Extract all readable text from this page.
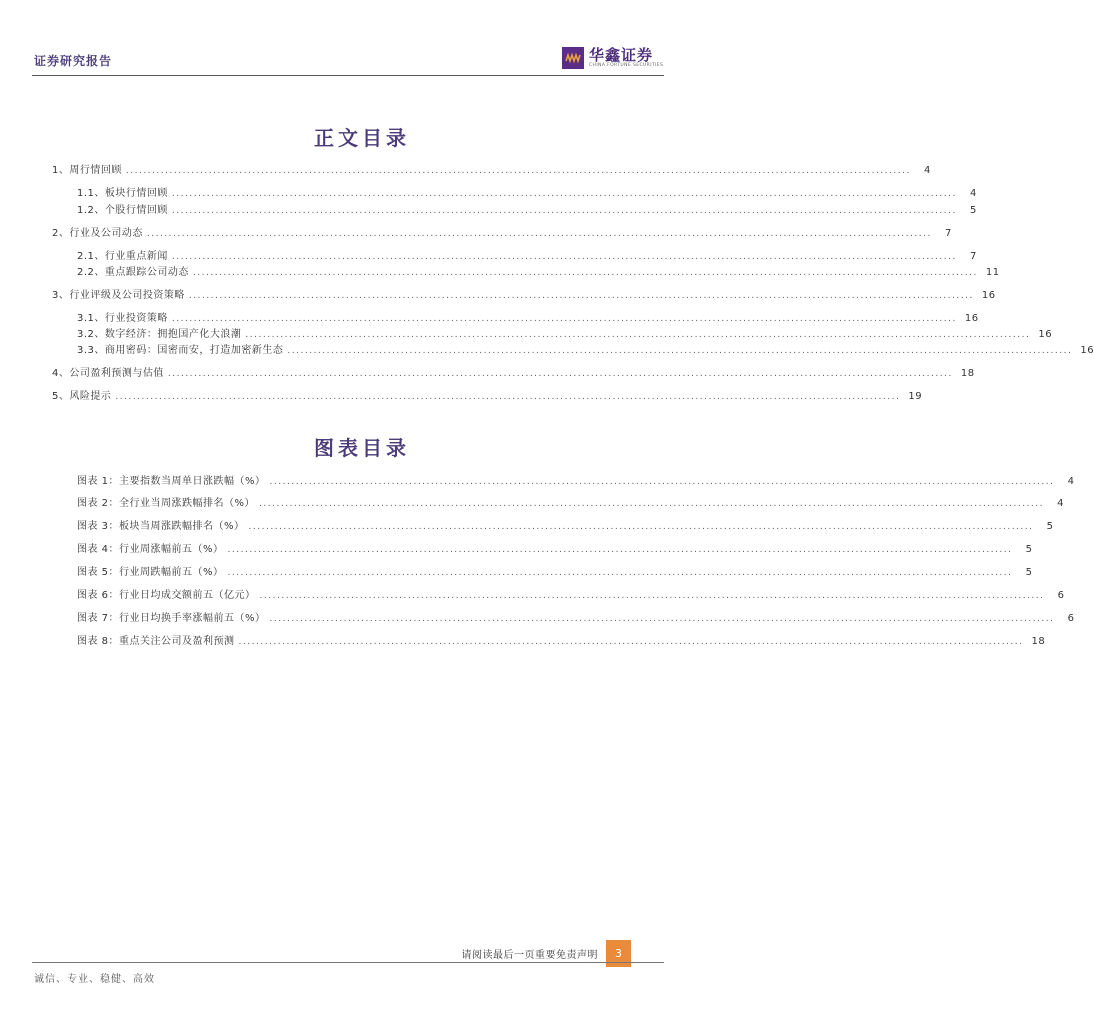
证券研究报告	华鑫证券
CHINA FORTUNE SECURITIES
正文目录
1、 周行情回顾 ....................................................................................................................................................................................	4
1.1、 板块行情回顾 ....................................................................................................................................................................................	4
1.2、 个股行情回顾 ....................................................................................................................................................................................	5
2、 行业及公司动态 ....................................................................................................................................................................................	7
2.1、 行业重点新闻 ....................................................................................................................................................................................	7
2.2、 重点跟踪公司动态 .................................................................................................................................................................................... 11
3、 行业评级及公司投资策略 .................................................................................................................................................................................... 16
3.1、 行业投资策略 .................................................................................................................................................................................... 16
3.2、 数字经济：拥抱国产化大浪潮 .................................................................................................................................................................................... 16
3.3、 商用密码：国密而安，打造加密新生态 .................................................................................................................................................................................... 16
4、 公司盈利预测与估值 .................................................................................................................................................................................... 18
5、 风险提示 .................................................................................................................................................................................... 19
图表目录
图表 1：主要指数当周单日涨跌幅（%） ....................................................................................................................................................................................	4
图表 2：全行业当周涨跌幅排名（%） ....................................................................................................................................................................................	4
图表 3：板块当周涨跌幅排名（%） ....................................................................................................................................................................................	5
图表 4：行业周涨幅前五（%） ....................................................................................................................................................................................	5
图表 5：行业周跌幅前五（%） ....................................................................................................................................................................................	5
图表 6：行业日均成交额前五（亿元） ....................................................................................................................................................................................	6
图表 7：行业日均换手率涨幅前五（%） ....................................................................................................................................................................................	6
图表 8：重点关注公司及盈利预测 .................................................................................................................................................................................... 18
请阅读最后一页重要免责声明 3
诚信、专业、稳健、高效
